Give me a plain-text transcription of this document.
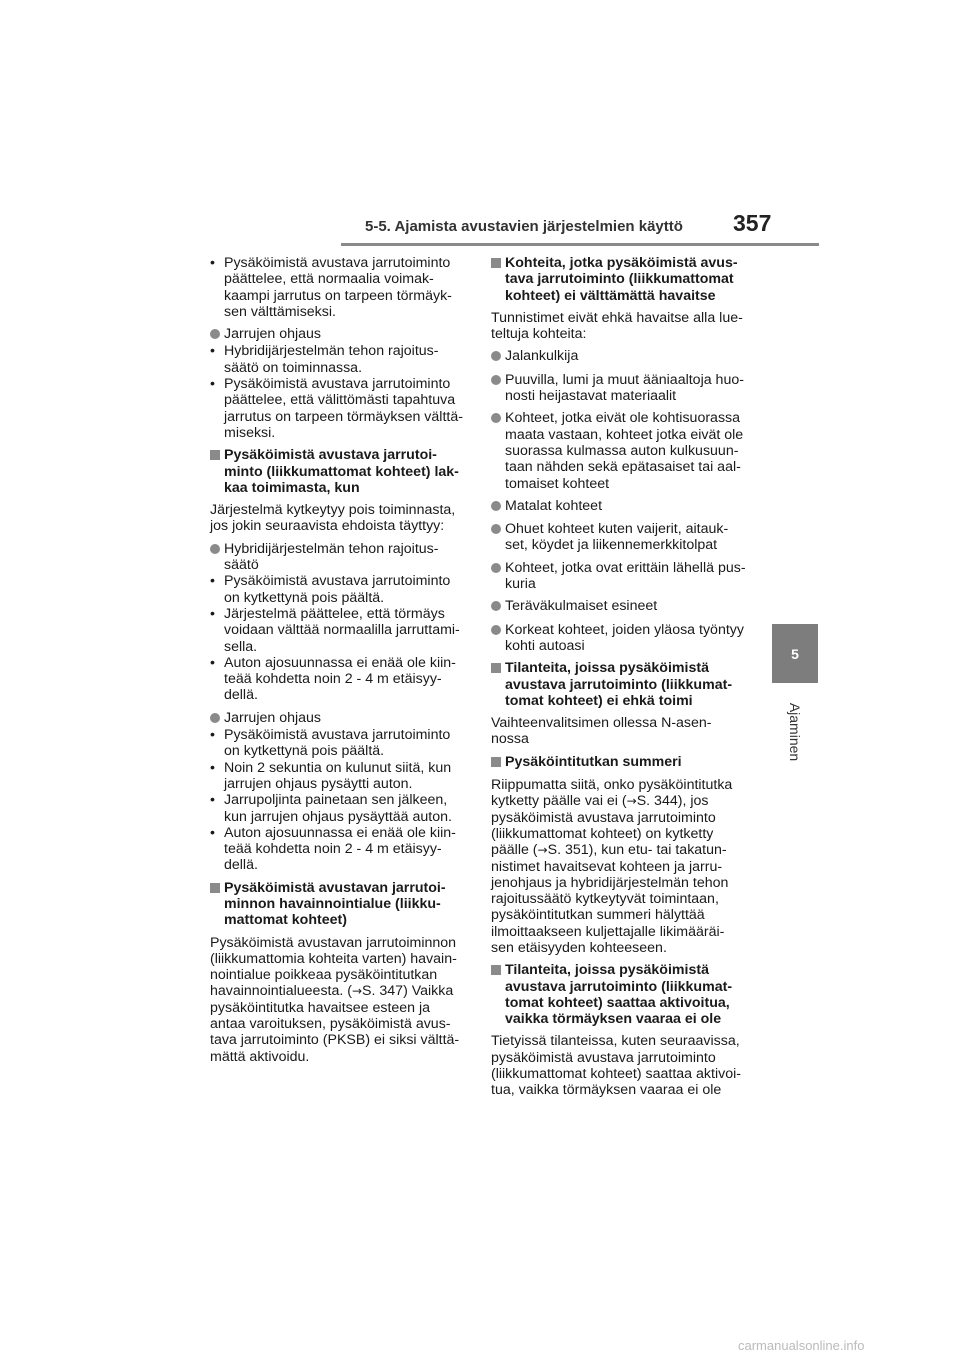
5-5. Ajamista avustavien järjestelmien käyttö 357
5
Ajaminen
• Pysäköimistä avustava jarrutoiminto
päättelee, että normaalia voimak-
kaampi jarrutus on tarpeen törmäyk-
sen välttämiseksi.
Jarrujen ohjaus
• Hybridijärjestelmän tehon rajoitus-
säätö on toiminnassa.
• Pysäköimistä avustava jarrutoiminto
päättelee, että välittömästi tapahtuva
jarrutus on tarpeen törmäyksen välttä-
miseksi.
Pysäköimistä avustava jarrutoi-
minto (liikkumattomat kohteet) lak-
kaa toimimasta, kun
Järjestelmä kytkeytyy pois toiminnasta,
jos jokin seuraavista ehdoista täyttyy:
Hybridijärjestelmän tehon rajoitus-
säätö
• Pysäköimistä avustava jarrutoiminto
on kytkettynä pois päältä.
• Järjestelmä päättelee, että törmäys
voidaan välttää normaalilla jarruttami-
sella.
• Auton ajosuunnassa ei enää ole kiin-
teää kohdetta noin 2 - 4 m etäisyy-
dellä.
Jarrujen ohjaus
• Pysäköimistä avustava jarrutoiminto
on kytkettynä pois päältä.
• Noin 2 sekuntia on kulunut siitä, kun
jarrujen ohjaus pysäytti auton.
• Jarrupoljinta painetaan sen jälkeen,
kun jarrujen ohjaus pysäyttää auton.
• Auton ajosuunnassa ei enää ole kiin-
teää kohdetta noin 2 - 4 m etäisyy-
dellä.
Pysäköimistä avustavan jarrutoi-
minnon havainnointialue (liikku-
mattomat kohteet)
Pysäköimistä avustavan jarrutoiminnon
(liikkumattomia kohteita varten) havain-
nointialue poikkeaa pysäköintitutkan
havainnointialueesta. (→S. 347) Vaikka
pysäköintitutka havaitsee esteen ja
antaa varoituksen, pysäköimistä avus-
tava jarrutoiminto (PKSB) ei siksi välttä-
mättä aktivoidu.
Kohteita, jotka pysäköimistä avus-
tava jarrutoiminto (liikkumattomat
kohteet) ei välttämättä havaitse
Tunnistimet eivät ehkä havaitse alla lue-
teltuja kohteita:
Jalankulkija
Puuvilla, lumi ja muut ääniaaltoja huo-
nosti heijastavat materiaalit
Kohteet, jotka eivät ole kohtisuorassa
maata vastaan, kohteet jotka eivät ole
suorassa kulmassa auton kulkusuun-
taan nähden sekä epätasaiset tai aal-
tomaiset kohteet
Matalat kohteet
Ohuet kohteet kuten vaijerit, aitauk-
set, köydet ja liikennemerkkitolpat
Kohteet, jotka ovat erittäin lähellä pus-
kuria
Teräväkulmaiset esineet
Korkeat kohteet, joiden yläosa työntyy
kohti autoasi
Tilanteita, joissa pysäköimistä
avustava jarrutoiminto (liikkumat-
tomat kohteet) ei ehkä toimi
Vaihteenvalitsimen ollessa N-asen-
nossa
Pysäköintitutkan summeri
Riippumatta siitä, onko pysäköintitutka
kytketty päälle vai ei (→S. 344), jos
pysäköimistä avustava jarrutoiminto
(liikkumattomat kohteet) on kytketty
päälle (→S. 351), kun etu- tai takatun-
nistimet havaitsevat kohteen ja jarru-
jenohjaus ja hybridijärjestelmän tehon
rajoitussäätö kytkeytyvät toimintaan,
pysäköintitutkan summeri hälyttää
ilmoittaakseen kuljettajalle likimääräi-
sen etäisyyden kohteeseen.
Tilanteita, joissa pysäköimistä
avustava jarrutoiminto (liikkumat-
tomat kohteet) saattaa aktivoitua,
vaikka törmäyksen vaaraa ei ole
Tietyissä tilanteissa, kuten seuraavissa,
pysäköimistä avustava jarrutoiminto
(liikkumattomat kohteet) saattaa aktivoi-
tua, vaikka törmäyksen vaaraa ei ole
carmanualsonline.info
